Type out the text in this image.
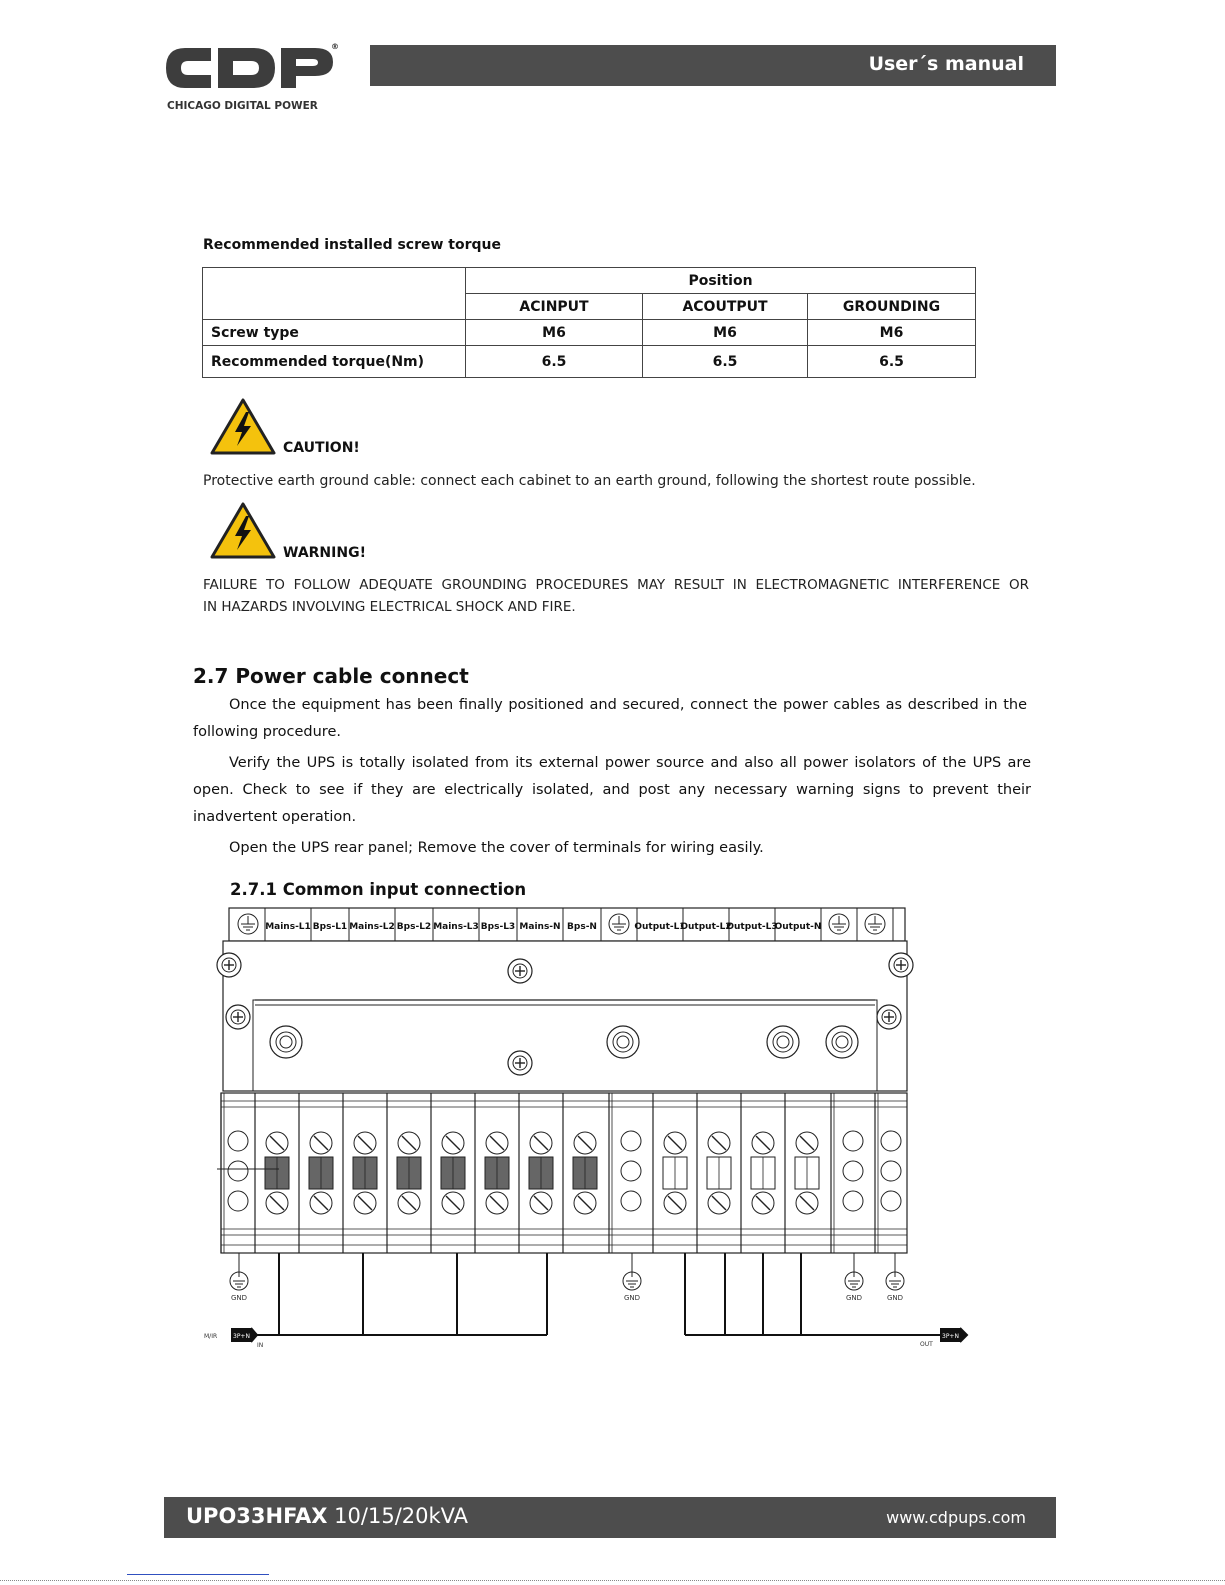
®
CHICAGO DIGITAL POWER
User´s manual
Recommended installed screw torque
	Position		
	ACINPUT	ACOUTPUT	GROUNDING
Screw type	M6	M6	M6
Recommended torque(Nm)	6.5	6.5	6.5
CAUTION!
Protective earth ground cable: connect each cabinet to an earth ground, following the shortest route possible.
WARNING!
FAILURE TO FOLLOW ADEQUATE GROUNDING PROCEDURES MAY RESULT IN ELECTROMAGNETIC INTERFERENCE OR
IN HAZARDS INVOLVING ELECTRICAL SHOCK AND FIRE.
2.7 Power cable connect
Once the equipment has been finally positioned and secured, connect the power cables as described in the following procedure.
Verify the UPS is totally isolated from its external power source and also all power isolators of the UPS are open. Check to see if they are electrically isolated, and post any necessary warning signs to prevent their inadvertent operation.
Open the UPS rear panel; Remove the cover of terminals for wiring easily.
2.7.1 Common input connection
Mains-L1 Bps-L1 Mains-L2 Bps-L2 Mains-L3 Bps-L3 Mains-N Bps-N	Output-L1
Output-L2
Output-L3
Output-N
GND	GND	GND	GND
3P+N
M/IR
IN
3P+N
OUT
UPO33HFAX 10/15/20kVA	www.cdpups.com
